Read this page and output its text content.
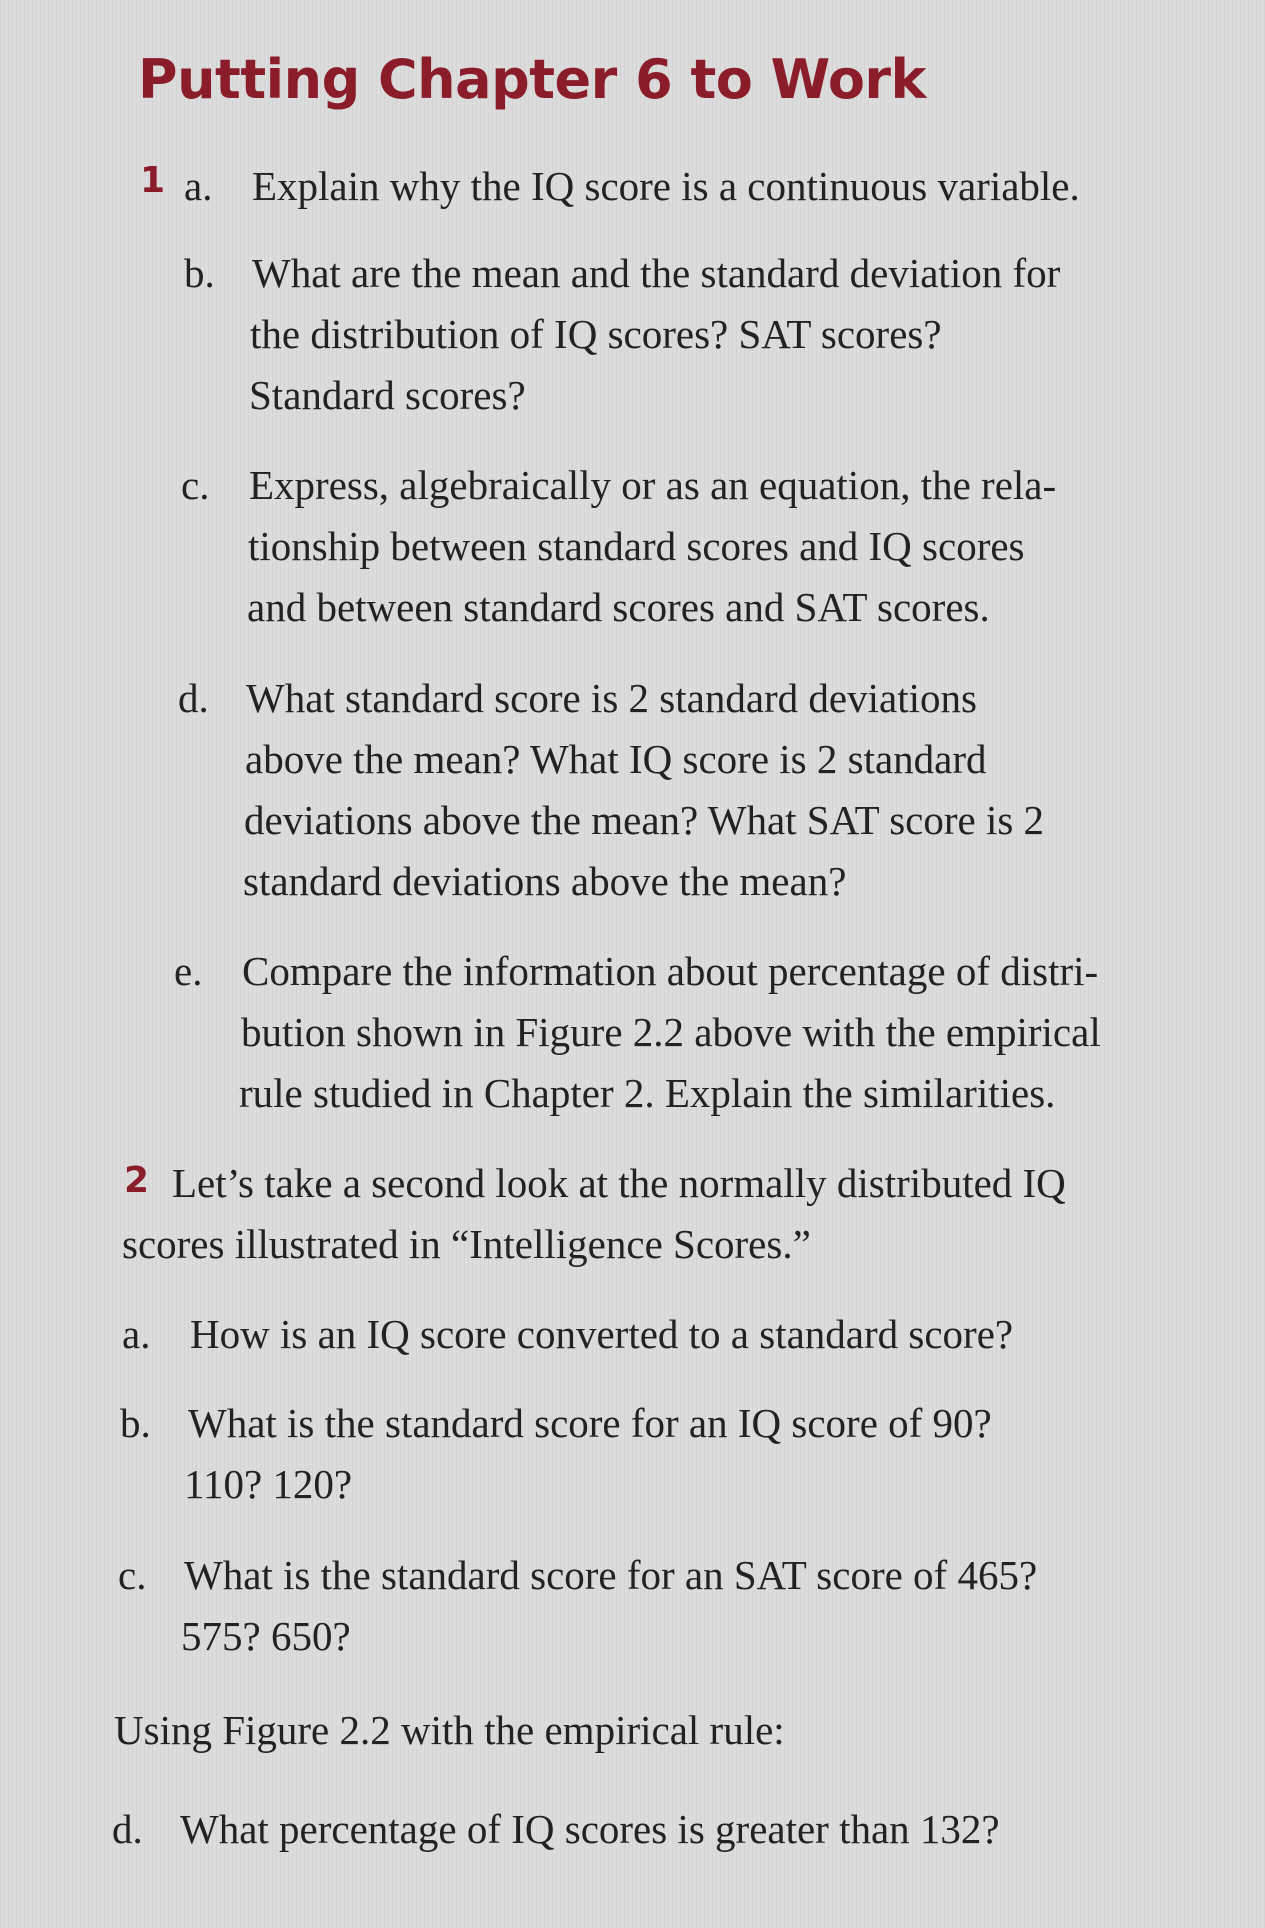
Putting Chapter 6 to Work
1 a. Explain why the IQ score is a continuous variable.
b. What are the mean and the standard deviation for
the distribution of IQ scores? SAT scores?
Standard scores?
c. Express, algebraically or as an equation, the rela-
tionship between standard scores and IQ scores
and between standard scores and SAT scores.
d. What standard score is 2 standard deviations
above the mean? What IQ score is 2 standard
deviations above the mean? What SAT score is 2
standard deviations above the mean?
e. Compare the information about percentage of distri-
bution shown in Figure 2.2 above with the empirical
rule studied in Chapter 2. Explain the similarities.
2 Let’s take a second look at the normally distributed IQ
scores illustrated in “Intelligence Scores.”
a. How is an IQ score converted to a standard score?
b. What is the standard score for an IQ score of 90?
110? 120?
c. What is the standard score for an SAT score of 465?
575? 650?
Using Figure 2.2 with the empirical rule:
d. What percentage of IQ scores is greater than 132?
